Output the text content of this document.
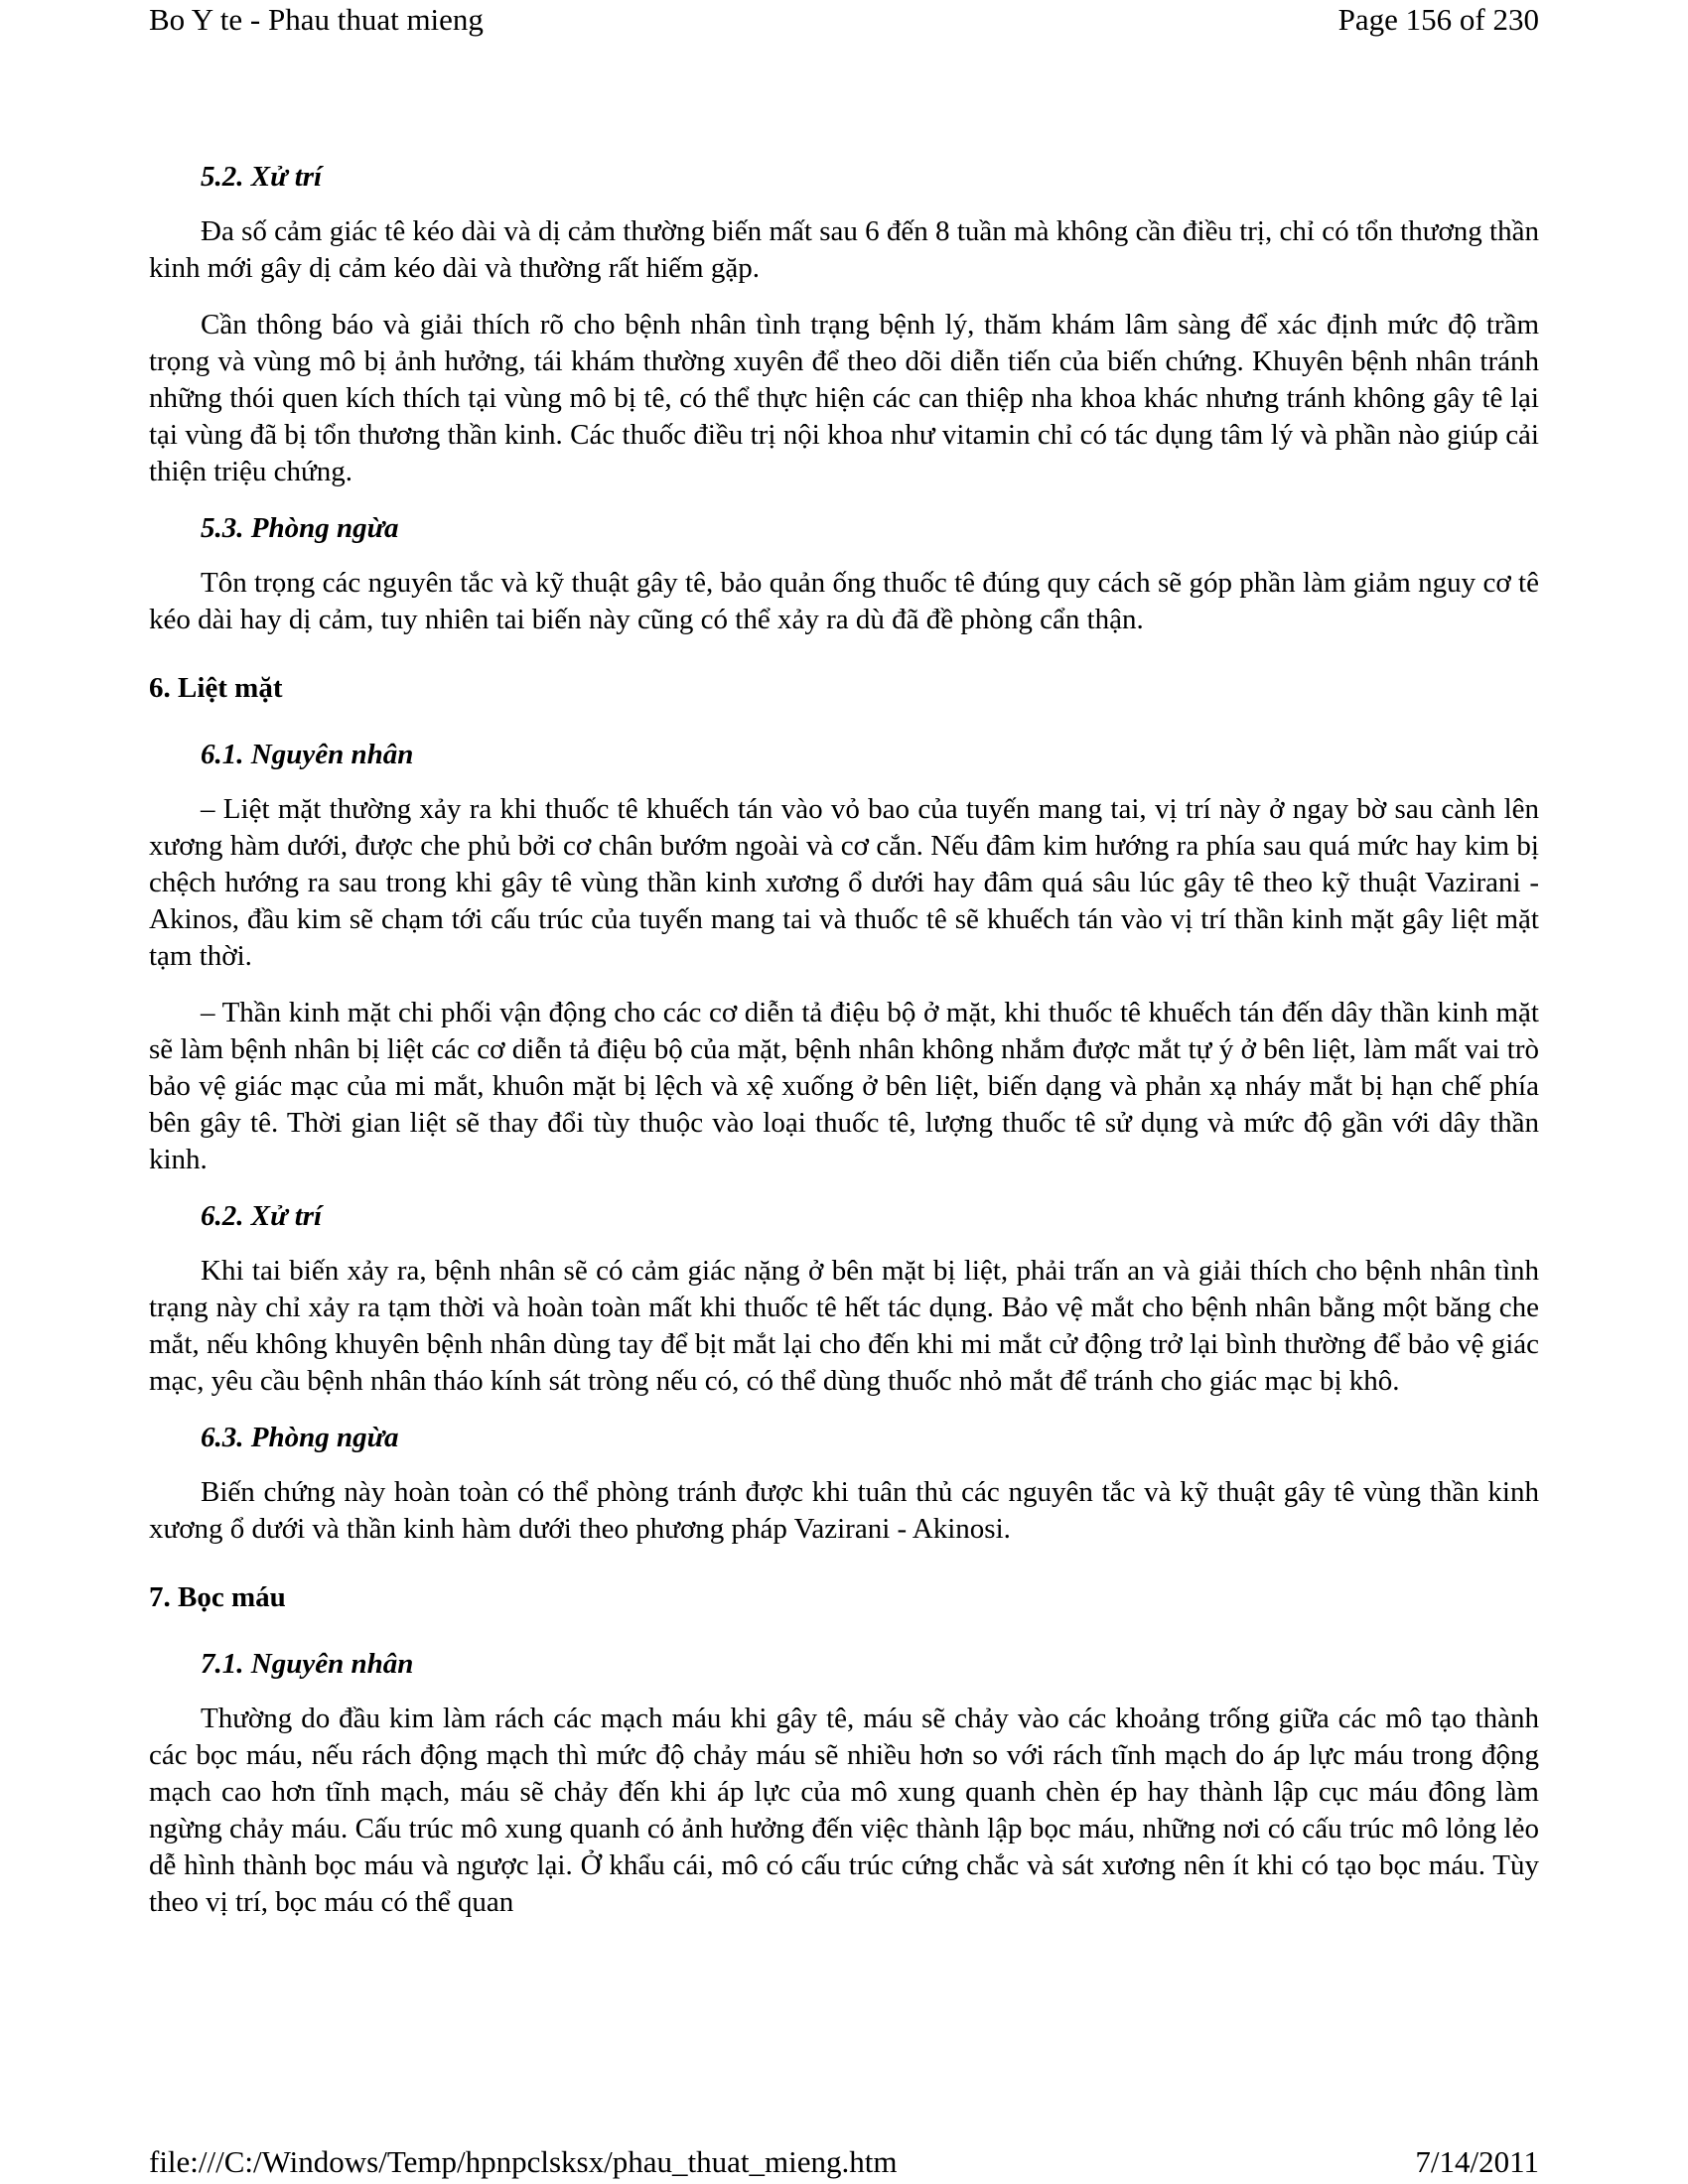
Bo Y te - Phau thuat mieng	Page 156 of 230
5.2. Xử trí

Đa số cảm giác tê kéo dài và dị cảm thường biến mất sau 6 đến 8 tuần mà không cần điều trị, chỉ có tổn thương thần kinh mới gây dị cảm kéo dài và thường rất hiếm gặp.

Cần thông báo và giải thích rõ cho bệnh nhân tình trạng bệnh lý, thăm khám lâm sàng để xác định mức độ trầm trọng và vùng mô bị ảnh hưởng, tái khám thường xuyên để theo dõi diễn tiến của biến chứng. Khuyên bệnh nhân tránh những thói quen kích thích tại vùng mô bị tê, có thể thực hiện các can thiệp nha khoa khác nhưng tránh không gây tê lại tại vùng đã bị tổn thương thần kinh. Các thuốc điều trị nội khoa như vitamin chỉ có tác dụng tâm lý và phần nào giúp cải thiện triệu chứng.

5.3. Phòng ngừa

Tôn trọng các nguyên tắc và kỹ thuật gây tê, bảo quản ống thuốc tê đúng quy cách sẽ góp phần làm giảm nguy cơ tê kéo dài hay dị cảm, tuy nhiên tai biến này cũng có thể xảy ra dù đã đề phòng cẩn thận.

6. Liệt mặt
6.1. Nguyên nhân

– Liệt mặt thường xảy ra khi thuốc tê khuếch tán vào vỏ bao của tuyến mang tai, vị trí này ở ngay bờ sau cành lên xương hàm dưới, được che phủ bởi cơ chân bướm ngoài và cơ cắn. Nếu đâm kim hướng ra phía sau quá mức hay kim bị chệch hướng ra sau trong khi gây tê vùng thần kinh xương ổ dưới hay đâm quá sâu lúc gây tê theo kỹ thuật Vazirani - Akinos, đầu kim sẽ chạm tới cấu trúc của tuyến mang tai và thuốc tê sẽ khuếch tán vào vị trí thần kinh mặt gây liệt mặt tạm thời.

– Thần kinh mặt chi phối vận động cho các cơ diễn tả điệu bộ ở mặt, khi thuốc tê khuếch tán đến dây thần kinh mặt sẽ làm bệnh nhân bị liệt các cơ diễn tả điệu bộ của mặt, bệnh nhân không nhắm được mắt tự ý ở bên liệt, làm mất vai trò bảo vệ giác mạc của mi mắt, khuôn mặt bị lệch và xệ xuống ở bên liệt, biến dạng và phản xạ nháy mắt bị hạn chế phía bên gây tê. Thời gian liệt sẽ thay đổi tùy thuộc vào loại thuốc tê, lượng thuốc tê sử dụng và mức độ gần với dây thần kinh.

6.2. Xử trí

Khi tai biến xảy ra, bệnh nhân sẽ có cảm giác nặng ở bên mặt bị liệt, phải trấn an và giải thích cho bệnh nhân tình trạng này chỉ xảy ra tạm thời và hoàn toàn mất khi thuốc tê hết tác dụng. Bảo vệ mắt cho bệnh nhân bằng một băng che mắt, nếu không khuyên bệnh nhân dùng tay để bịt mắt lại cho đến khi mi mắt cử động trở lại bình thường để bảo vệ giác mạc, yêu cầu bệnh nhân tháo kính sát tròng nếu có, có thể dùng thuốc nhỏ mắt để tránh cho giác mạc bị khô.

6.3. Phòng ngừa

Biến chứng này hoàn toàn có thể phòng tránh được khi tuân thủ các nguyên tắc và kỹ thuật gây tê vùng thần kinh xương ổ dưới và thần kinh hàm dưới theo phương pháp Vazirani - Akinosi.

7. Bọc máu
7.1. Nguyên nhân

Thường do đầu kim làm rách các mạch máu khi gây tê, máu sẽ chảy vào các khoảng trống giữa các mô tạo thành các bọc máu, nếu rách động mạch thì mức độ chảy máu sẽ nhiều hơn so với rách tĩnh mạch do áp lực máu trong động mạch cao hơn tĩnh mạch, máu sẽ chảy đến khi áp lực của mô xung quanh chèn ép hay thành lập cục máu đông làm ngừng chảy máu. Cấu trúc mô xung quanh có ảnh hưởng đến việc thành lập bọc máu, những nơi có cấu trúc mô lỏng lẻo dễ hình thành bọc máu và ngược lại. Ở khẩu cái, mô có cấu trúc cứng chắc và sát xương nên ít khi có tạo bọc máu. Tùy theo vị trí, bọc máu có thể quan

file:///C:/Windows/Temp/hpnpclsksx/phau_thuat_mieng.htm	7/14/2011
